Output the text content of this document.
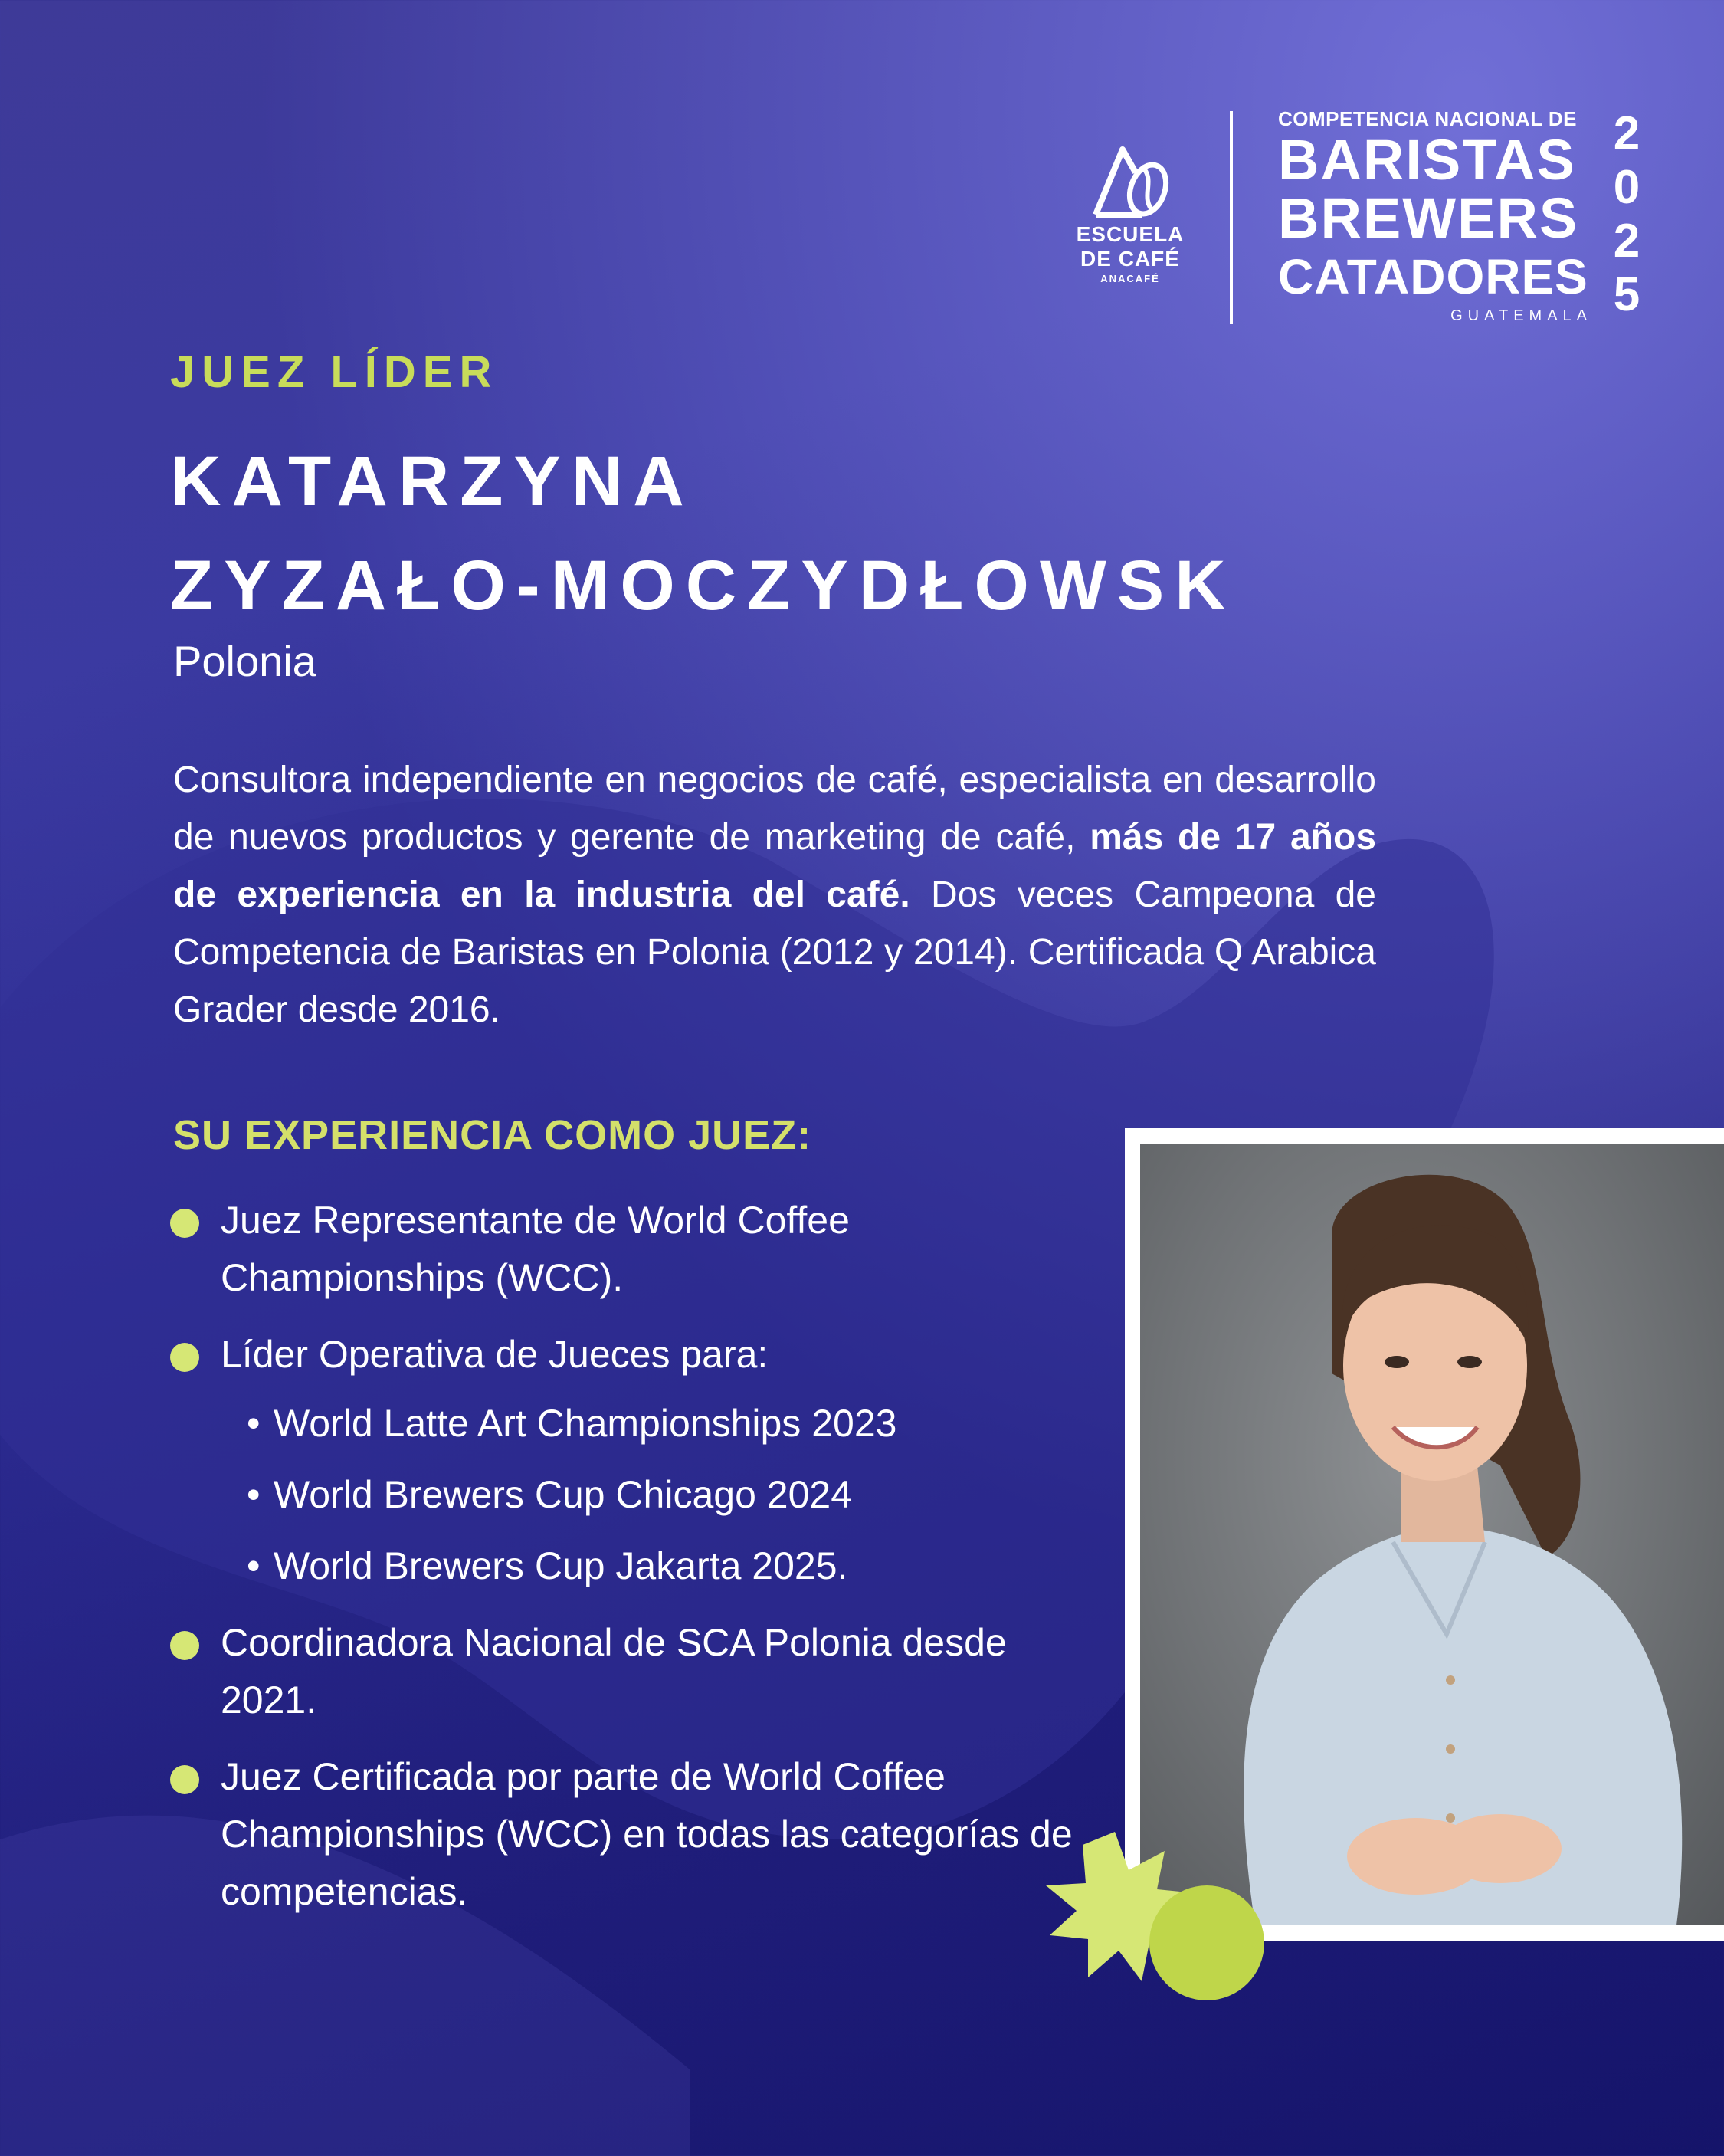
ESCUELA
DE CAFÉ
ANACAFÉ
COMPETENCIA NACIONAL DE
BARISTAS
BREWERS
CATADORES
GUATEMALA
2
0
2
5
JUEZ LÍDER
KATARZYNA
ZYZAŁO-MOCZYDŁOWSK
Polonia
Consultora independiente en negocios de café, especialista en desarrollo de nuevos productos y gerente de marketing de café, más de 17 años de experiencia en la industria del café. Dos veces Campeona de Competencia de Baristas en Polonia (2012 y 2014). Certificada Q Arabica Grader desde 2016.
SU EXPERIENCIA COMO JUEZ:
Juez Representante de World Coffee Championships (WCC).
Líder Operativa de Jueces para:
• World Latte Art Championships 2023
• World Brewers Cup Chicago 2024
• World Brewers Cup Jakarta 2025.
Coordinadora Nacional de SCA Polonia desde 2021.
Juez Certificada por parte de World Coffee Championships (WCC) en todas las categorías de competencias.
